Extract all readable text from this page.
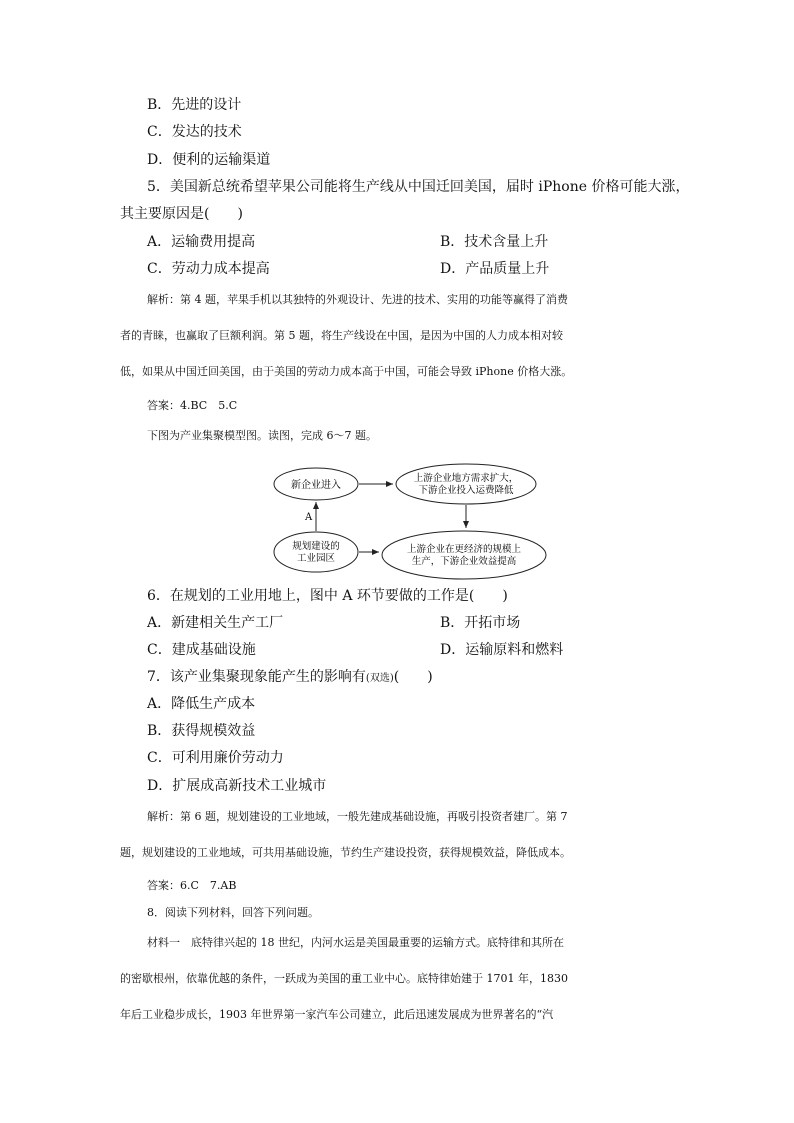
B．先进的设计
C．发达的技术
D．便利的运输渠道
5．美国新总统希望苹果公司能将生产线从中国迁回美国，届时 iPhone 价格可能大涨，
其主要原因是(　　)
A．运输费用提高	B．技术含量上升
C．劳动力成本提高	D．产品质量上升
解析：第 4 题，苹果手机以其独特的外观设计、先进的技术、实用的功能等赢得了消费
者的青睐，也赢取了巨额利润。第 5 题，将生产线设在中国，是因为中国的人力成本相对较
低，如果从中国迁回美国，由于美国的劳动力成本高于中国，可能会导致 iPhone 价格大涨。
答案：4.BC　5.C
下图为产业集聚模型图。读图，完成 6～7 题。
新企业进入
上游企业地方需求扩大，
下游企业投入运费降低
规划建设的
工业园区
上游企业在更经济的规模上
生产，下游企业效益提高
A
6．在规划的工业用地上，图中 A 环节要做的工作是(　　)
A．新建相关生产工厂	B．开拓市场
C．建成基础设施	D．运输原料和燃料
7．该产业集聚现象能产生的影响有(双选)(　　)
A．降低生产成本
B．获得规模效益
C．可利用廉价劳动力
D．扩展成高新技术工业城市
解析：第 6 题，规划建设的工业地域，一般先建成基础设施，再吸引投资者建厂。第 7
题，规划建设的工业地域，可共用基础设施，节约生产建设投资，获得规模效益，降低成本。
答案：6.C　7.AB
8．阅读下列材料，回答下列问题。
材料一　底特律兴起的 18 世纪，内河水运是美国最重要的运输方式。底特律和其所在
的密歇根州，依靠优越的条件，一跃成为美国的重工业中心。底特律始建于 1701 年，1830
年后工业稳步成长，1903 年世界第一家汽车公司建立，此后迅速发展成为世界著名的“汽
